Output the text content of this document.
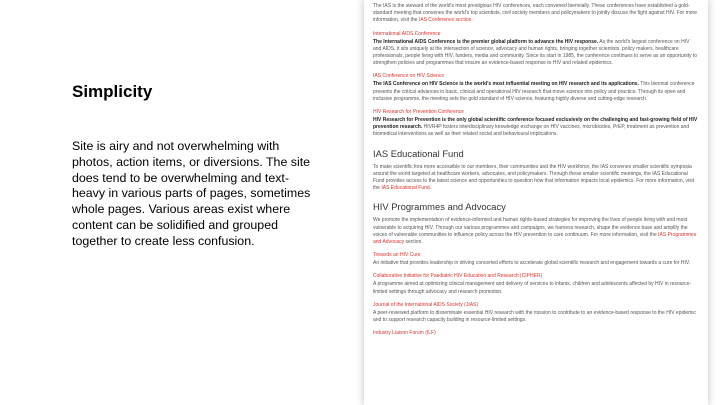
Simplicity

Site is airy and not overwhelming with photos, action items, or diversions. The site does tend to be overwhelming and text-heavy in various parts of pages, sometimes whole pages. Various areas exist where content can be solidified and grouped together to create less confusion.

The IAS is the steward of the world's most prestigious HIV conferences, each convened biennially. These conferences have established a gold-standard meeting that convenes the world's top scientists, civil society members and policymakers to jointly discuss the fight against HIV. For more information, visit the IAS Conference section.

International AIDS Conference

The International AIDS Conference is the premier global platform to advance the HIV response. As the world's largest conference on HIV and AIDS, it sits uniquely at the intersection of science, advocacy and human rights, bringing together scientists, policy makers, healthcare professionals, people living with HIV, funders, media and community. Since its start in 1985, the conference continues to serve as an opportunity to strengthen policies and programmes that ensure an evidence-based response to HIV and related epidemics.

IAS Conference on HIV Science

The IAS Conference on HIV Science is the world's most influential meeting on HIV research and its applications. This biennial conference presents the critical advances in basic, clinical and operational HIV research that move science into policy and practice. Through its open and inclusive programme, the meeting sets the gold standard of HIV science, featuring highly diverse and cutting-edge research.

HIV Research for Prevention Conference

HIV Research for Prevention is the only global scientific conference focused exclusively on the challenging and fast-growing field of HIV prevention research. HIVR4P fosters interdisciplinary knowledge exchange on HIV vaccines, microbicides, PrEP, treatment as prevention and biomedical interventions as well as their related social and behavioural implications.

IAS Educational Fund

To make scientific fora more accessible to our members, their communities and the HIV workforce, the IAS convenes smaller scientific symposia around the world targeted at healthcare workers, advocates, and policymakers. Through these smaller scientific meetings, the IAS Educational Fund provides access to the latest science and opportunities to question how that information impacts local epidemics. For more information, visit the IAS Educational Fund.

HIV Programmes and Advocacy

We promote the implementation of evidence-informed and human rights-based strategies for improving the lives of people living with and most vulnerable to acquiring HIV. Through our various programmes and campaigns, we harness research, shape the evidence base and amplify the voices of vulnerable communities to influence policy across the HIV prevention to care continuum. For more information, visit the IAS Programmes and Advocacy section.

Towards an HIV Cure

An initiative that provides leadership in driving concerted efforts to accelerate global scientific research and engagement towards a cure for HIV.

Collaborative Initiative for Paediatric HIV Education and Research (CIPHER)

A programme aimed at optimizing clinical management and delivery of services to infants, children and adolescents affected by HIV in resource-limited settings through advocacy and research promotion.

Journal of the International AIDS Society (JIAS)

A peer-reviewed platform to disseminate essential HIV research with the mission to contribute to an evidence-based response to the HIV epidemic and to support research capacity building in resource-limited settings.

Industry Liaison Forum (ILF)
